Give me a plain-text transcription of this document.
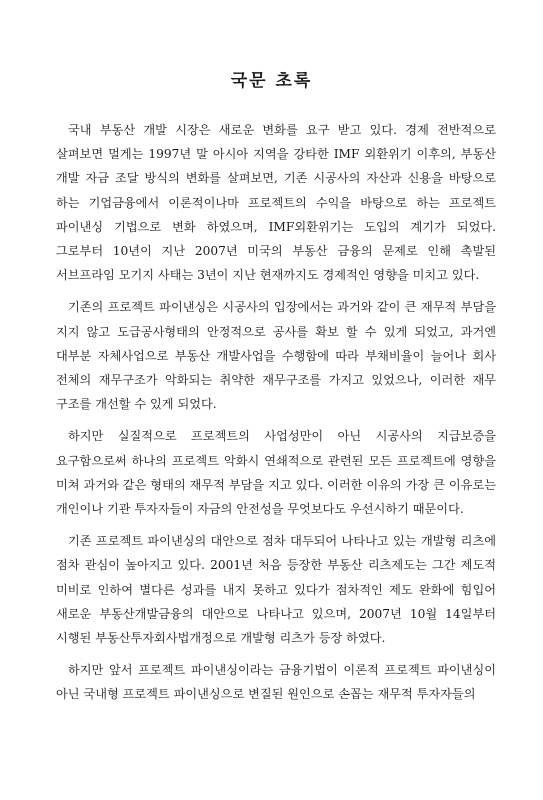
국문 초록

국내 부동산 개발 시장은 새로운 변화를 요구 받고 있다. 경제 전반적으로 살펴보면 멀게는 1997년 말 아시아 지역을 강타한 IMF 외환위기 이후의, 부동산 개발 자금 조달 방식의 변화를 살펴보면, 기존 시공사의 자산과 신용을 바탕으로 하는 기업금융에서 이론적이나마 프로젝트의 수익을 바탕으로 하는 프로젝트 파이낸싱 기법으로 변화 하였으며, IMF외환위기는 도입의 계기가 되었다. 그로부터 10년이 지난 2007년 미국의 부동산 금융의 문제로 인해 촉발된 서브프라임 모기지 사태는 3년이 지난 현재까지도 경제적인 영향을 미치고 있다.

기존의 프로젝트 파이낸싱은 시공사의 입장에서는 과거와 같이 큰 재무적 부담을 지지 않고 도급공사형태의 안정적으로 공사를 확보 할 수 있게 되었고, 과거엔 대부분 자체사업으로 부동산 개발사업을 수행함에 따라 부채비율이 늘어나 회사 전체의 재무구조가 악화되는 취약한 재무구조를 가지고 있었으나, 이러한 재무 구조를 개선할 수 있게 되었다.

하지만 실질적으로 프로젝트의 사업성만이 아닌 시공사의 지급보증을 요구함으로써 하나의 프로젝트 악화시 연쇄적으로 관련된 모든 프로젝트에 영향을 미쳐 과거와 같은 형태의 재무적 부담을 지고 있다. 이러한 이유의 가장 큰 이유로는 개인이나 기관 투자자들이 자금의 안전성을 무엇보다도 우선시하기 때문이다.

기존 프로젝트 파이낸싱의 대안으로 점차 대두되어 나타나고 있는 개발형 리츠에 점차 관심이 높아지고 있다. 2001년 처음 등장한 부동산 리츠제도는 그간 제도적 미비로 인하여 별다른 성과를 내지 못하고 있다가 점차적인 제도 완화에 힘입어 새로운 부동산개발금융의 대안으로 나타나고 있으며, 2007년 10월 14일부터 시행된 부동산투자회사법개정으로 개발형 리츠가 등장 하였다.

하지만 앞서 프로젝트 파이낸싱이라는 금융기법이 이론적 프로젝트 파이낸싱이 아닌 국내형 프로젝트 파이낸싱으로 변질된 원인으로 손꼽는 재무적 투자자들의
